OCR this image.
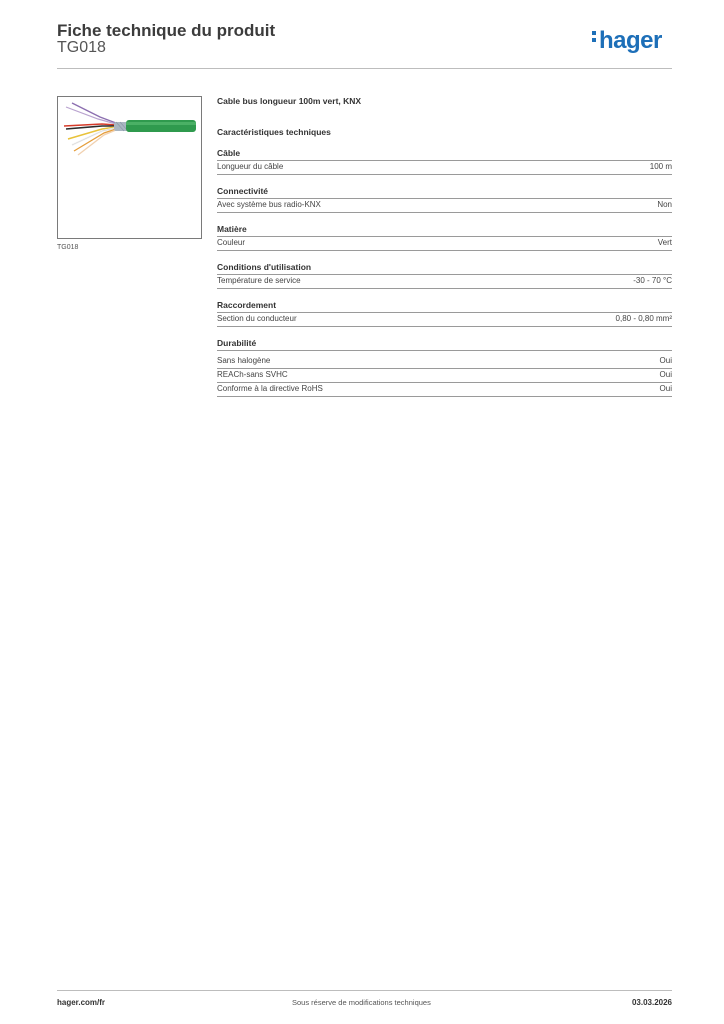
Fiche technique du produit
TG018	hager
TG018
Cable bus longueur 100m vert, KNX
Caractéristiques techniques
Câble
Longueur du câble	100 m
Connectivité
Avec système bus radio-KNX	Non
Matière
Couleur	Vert
Conditions d'utilisation
Température de service	-30 - 70 °C
Raccordement
Section du conducteur	0,80 - 0,80 mm²
Durabilité
Sans halogène	Oui
REACh-sans SVHC	Oui
Conforme à la directive RoHS	Oui
hager.com/fr	Sous réserve de modifications techniques	03.03.2026
